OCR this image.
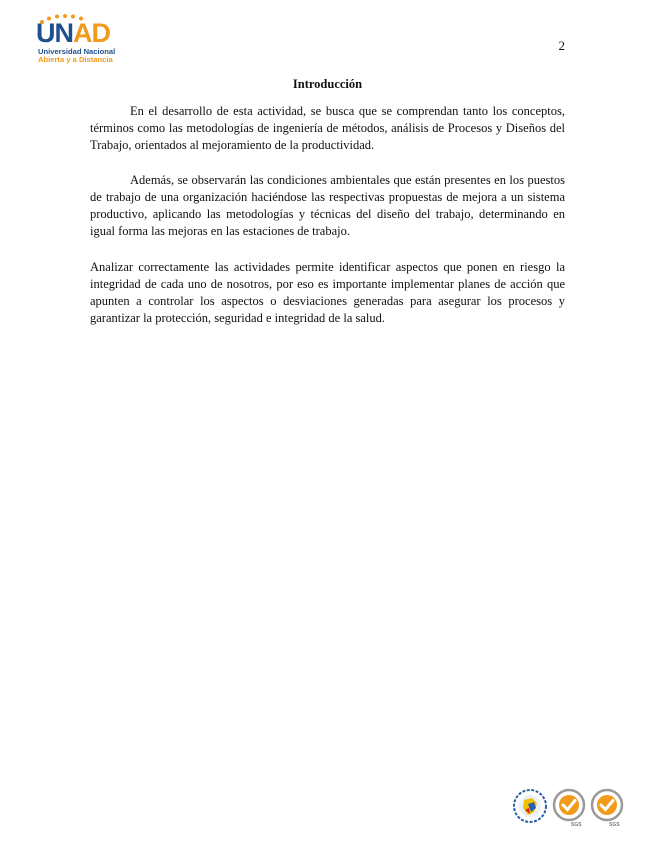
UNAD
Universidad Nacional
Abierta y a Distancia
2
Introducción

En el desarrollo de esta actividad, se busca que se comprendan tanto los conceptos, términos como las metodologías de ingeniería de métodos, análisis de Procesos y Diseños del Trabajo, orientados al mejoramiento de la productividad.

Además, se observarán las condiciones ambientales que están presentes en los puestos de trabajo de una organización haciéndose las respectivas propuestas de mejora a un sistema productivo, aplicando las metodologías y técnicas del diseño del trabajo, determinando en igual forma las mejoras en las estaciones de trabajo.

Analizar correctamente las actividades permite identificar aspectos que ponen en riesgo la integridad de cada uno de nosotros, por eso es importante implementar planes de acción que apunten a controlar los aspectos o desviaciones generadas para asegurar los procesos y garantizar la protección, seguridad e integridad de la salud.

SGS	SGS
